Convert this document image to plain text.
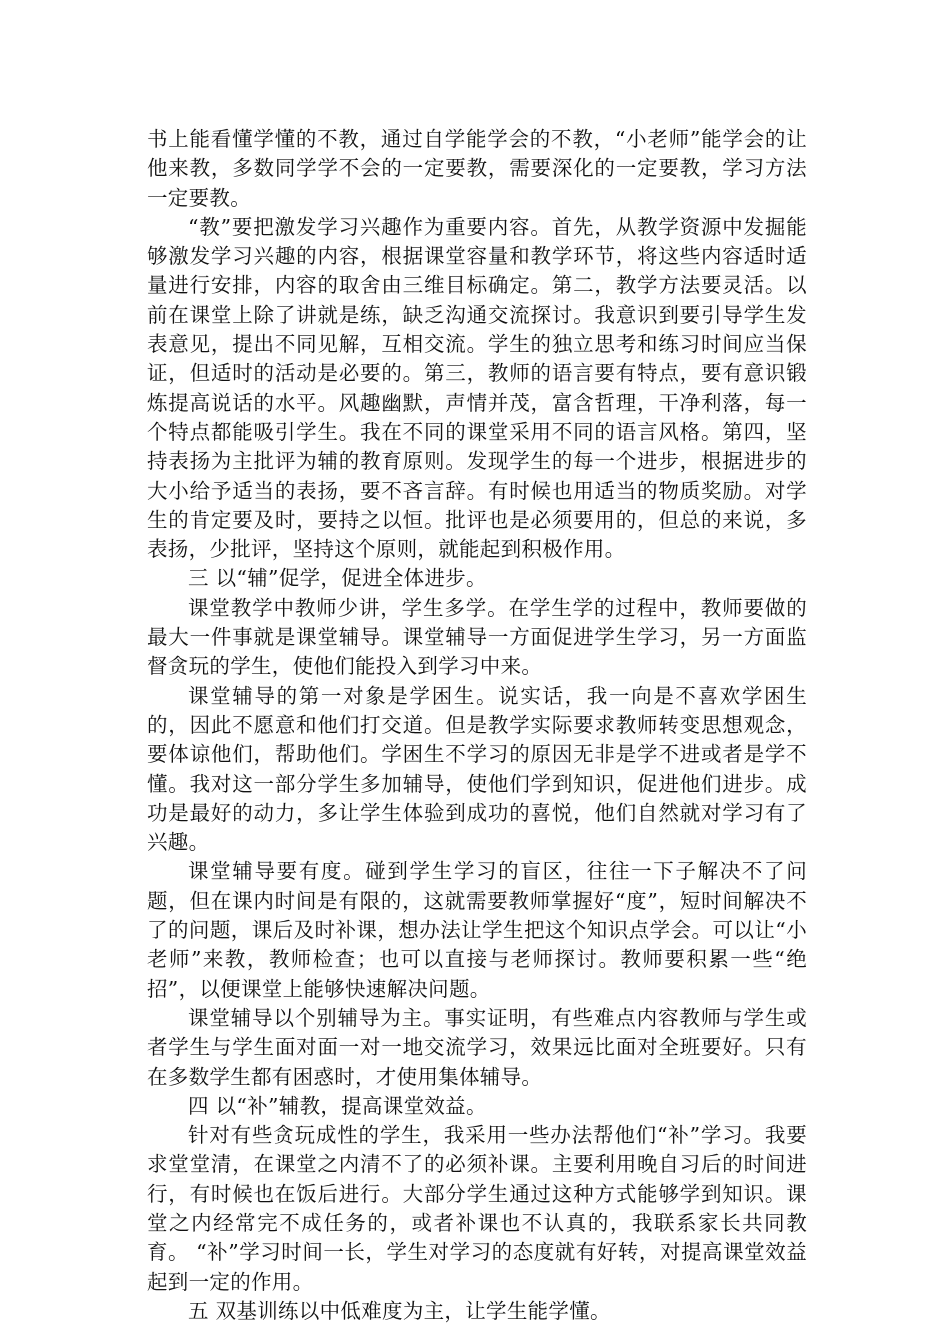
书上能看懂学懂的不教，通过自学能学会的不教，“小老师”能学会的让他来教，多数同学学不会的一定要教，需要深化的一定要教，学习方法一定要教。

“教”要把激发学习兴趣作为重要内容。首先，从教学资源中发掘能够激发学习兴趣的内容，根据课堂容量和教学环节，将这些内容适时适量进行安排，内容的取舍由三维目标确定。第二，教学方法要灵活。以前在课堂上除了讲就是练，缺乏沟通交流探讨。我意识到要引导学生发表意见，提出不同见解，互相交流。学生的独立思考和练习时间应当保证，但适时的活动是必要的。第三，教师的语言要有特点，要有意识锻炼提高说话的水平。风趣幽默，声情并茂，富含哲理，干净利落，每一个特点都能吸引学生。我在不同的课堂采用不同的语言风格。第四，坚持表扬为主批评为辅的教育原则。发现学生的每一个进步，根据进步的大小给予适当的表扬，要不吝言辞。有时候也用适当的物质奖励。对学生的肯定要及时，要持之以恒。批评也是必须要用的，但总的来说，多表扬，少批评，坚持这个原则，就能起到积极作用。

三 以“辅”促学，促进全体进步。

课堂教学中教师少讲，学生多学。在学生学的过程中，教师要做的最大一件事就是课堂辅导。课堂辅导一方面促进学生学习，另一方面监督贪玩的学生，使他们能投入到学习中来。

课堂辅导的第一对象是学困生。说实话，我一向是不喜欢学困生的，因此不愿意和他们打交道。但是教学实际要求教师转变思想观念，要体谅他们，帮助他们。学困生不学习的原因无非是学不进或者是学不懂。我对这一部分学生多加辅导，使他们学到知识，促进他们进步。成功是最好的动力，多让学生体验到成功的喜悦，他们自然就对学习有了兴趣。

课堂辅导要有度。碰到学生学习的盲区，往往一下子解决不了问题，但在课内时间是有限的，这就需要教师掌握好“度”，短时间解决不了的问题，课后及时补课，想办法让学生把这个知识点学会。可以让“小老师”来教，教师检查；也可以直接与老师探讨。教师要积累一些“绝招”，以便课堂上能够快速解决问题。

课堂辅导以个别辅导为主。事实证明，有些难点内容教师与学生或者学生与学生面对面一对一地交流学习，效果远比面对全班要好。只有在多数学生都有困惑时，才使用集体辅导。

四 以“补”辅教，提高课堂效益。

针对有些贪玩成性的学生，我采用一些办法帮他们“补”学习。我要求堂堂清，在课堂之内清不了的必须补课。主要利用晚自习后的时间进行，有时候也在饭后进行。大部分学生通过这种方式能够学到知识。课堂之内经常完不成任务的，或者补课也不认真的，我联系家长共同教育。 “补”学习时间一长，学生对学习的态度就有好转，对提高课堂效益起到一定的作用。

五 双基训练以中低难度为主，让学生能学懂。
